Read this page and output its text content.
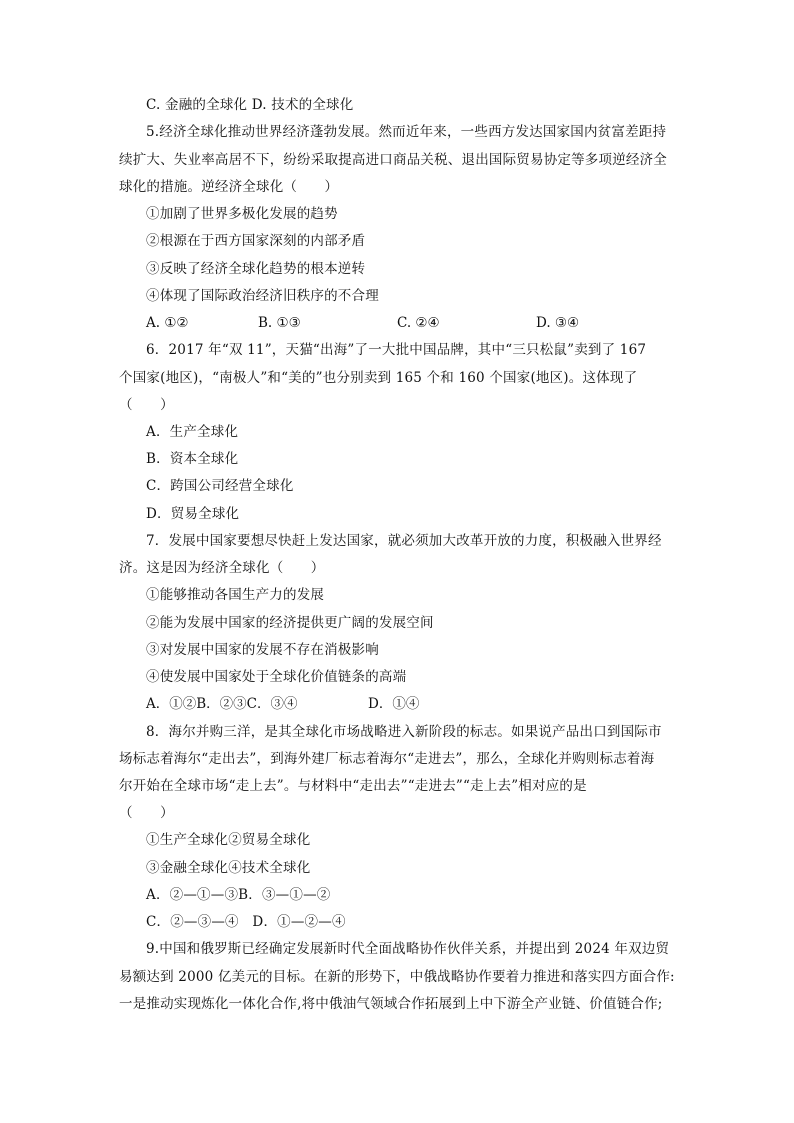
C. 金融的全球化 D. 技术的全球化
5.经济全球化推动世界经济蓬勃发展。然而近年来，一些西方发达国家国内贫富差距持
续扩大、失业率高居不下，纷纷采取提高进口商品关税、退出国际贸易协定等多项逆经济全
球化的措施。逆经济全球化（　　）
①加剧了世界多极化发展的趋势
②根源在于西方国家深刻的内部矛盾
③反映了经济全球化趋势的根本逆转
④体现了国际政治经济旧秩序的不合理
A. ①②	B. ①③	C. ②④	D. ③④
6．2017 年“双 11”，天猫“出海”了一大批中国品牌，其中“三只松鼠”卖到了 167
个国家(地区)，“南极人”和“美的”也分别卖到 165 个和 160 个国家(地区)。这体现了
（　　）
A．生产全球化
B．资本全球化
C．跨国公司经营全球化
D．贸易全球化
7．发展中国家要想尽快赶上发达国家，就必须加大改革开放的力度，积极融入世界经
济。这是因为经济全球化（　　）
①能够推动各国生产力的发展
②能为发展中国家的经济提供更广阔的发展空间
③对发展中国家的发展不存在消极影响
④使发展中国家处于全球化价值链条的高端
A．①②B．②③C．③④	D．①④
8．海尔并购三洋，是其全球化市场战略进入新阶段的标志。如果说产品出口到国际市
场标志着海尔“走出去”，到海外建厂标志着海尔“走进去”，那么，全球化并购则标志着海
尔开始在全球市场“走上去”。与材料中“走出去”“走进去”“走上去”相对应的是
（　　）
①生产全球化②贸易全球化
③金融全球化④技术全球化
A．②—①—③B．③—①—②
C．②—③—④　D．①—②—④
9.中国和俄罗斯已经确定发展新时代全面战略协作伙伴关系，并提出到 2024 年双边贸
易额达到 2000 亿美元的目标。在新的形势下，中俄战略协作要着力推进和落实四方面合作:
一是推动实现炼化一体化合作,将中俄油气领域合作拓展到上中下游全产业链、价值链合作;
